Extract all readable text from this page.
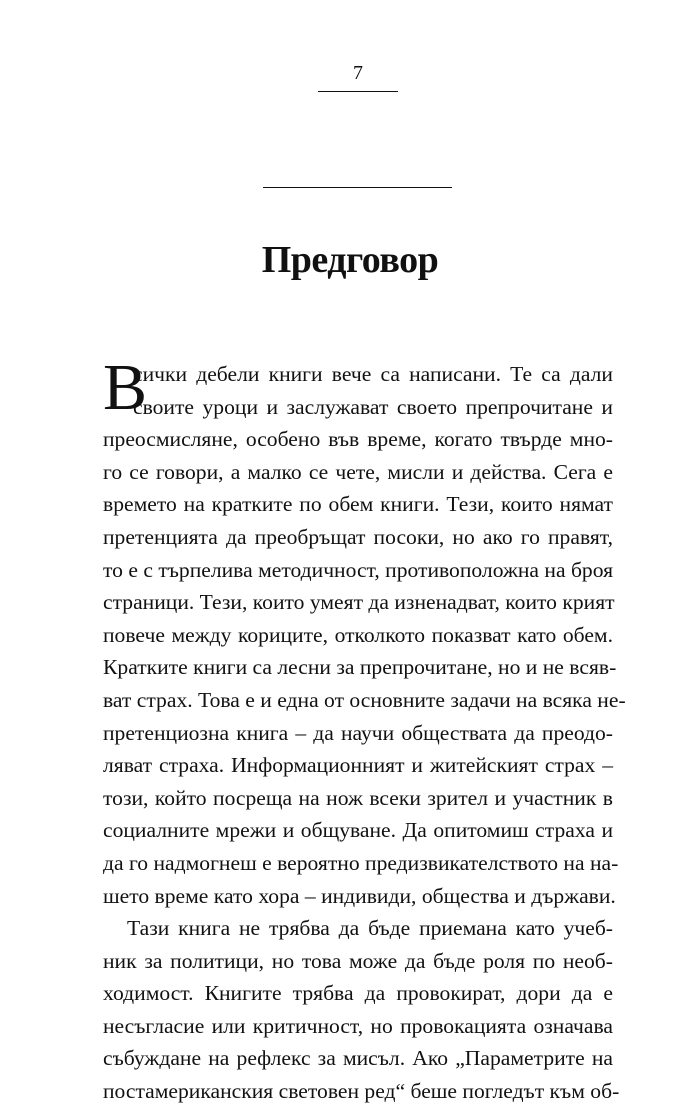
7
Предговор
В
сички дебели книги вече са написани. Те са дали
своите уроци и заслужават своето препрочитане и
преосмисляне, особено във време, когато твърде мно-
го се говори, а малко се чете, мисли и действа. Сега е
времето на кратките по обем книги. Тези, които нямат
претенцията да преобръщат посоки, но ако го правят,
то е с търпелива методичност, противоположна на броя
страници. Тези, които умеят да изненадват, които крият
повече между кориците, отколкото показват като обем.
Кратките книги са лесни за препрочитане, но и не всяв-
ват страх. Това е и една от основните задачи на всяка не-
претенциозна книга – да научи обществата да преодо-
ляват страха. Информационният и житейският страх –
този, който посреща на нож всеки зрител и участник в
социалните мрежи и общуване. Да опитомиш страха и
да го надмогнеш е вероятно предизвикателството на на-
шето време като хора – индивиди, общества и държави.
Тази книга не трябва да бъде приемана като учеб-
ник за политици, но това може да бъде роля по необ-
ходимост. Книгите трябва да провокират, дори да е
несъгласие или критичност, но провокацията означава
събуждане на рефлекс за мисъл. Ако „Параметрите на
постамериканския световен ред“ беше погледът към об-
